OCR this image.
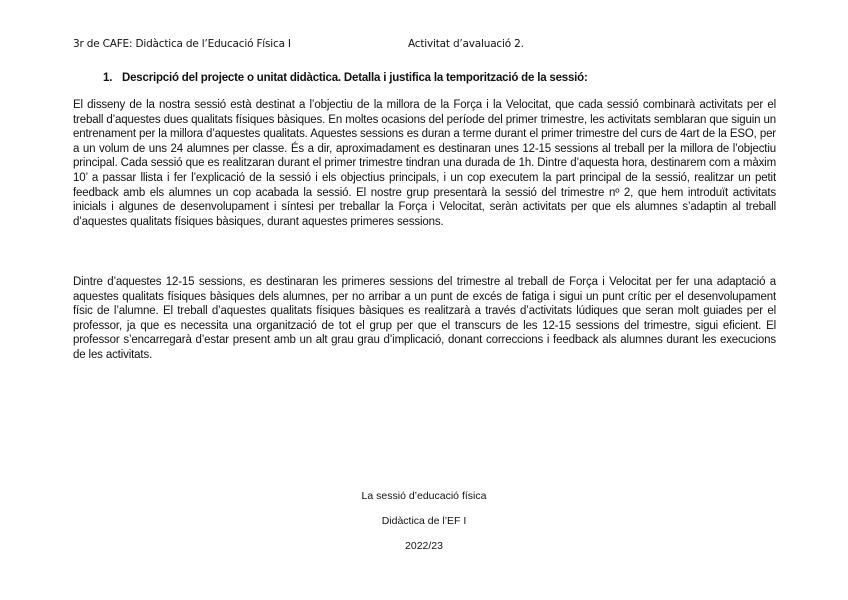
3r de CAFE: Didàctica de l’Educació Física I	Activitat d’avaluació 2.
1. Descripció del projecte o unitat didàctica. Detalla i justifica la temporització de la sessió:

El disseny de la nostra sessió està destinat a l’objectiu de la millora de la Força i la Velocitat, que cada sessió combinarà activitats per el treball d’aquestes dues qualitats físiques bàsiques. En moltes ocasions del període del primer trimestre, les activitats semblaran que siguin un entrenament per la millora d’aquestes qualitats. Aquestes sessions es duran a terme durant el primer trimestre del curs de 4art de la ESO, per a un volum de uns 24 alumnes per classe. És a dir, aproximadament es destinaran unes 12-15 sessions al treball per la millora de l’objectiu principal. Cada sessió que es realitzaran durant el primer trimestre tindran una durada de 1h. Dintre d’aquesta hora, destinarem com a màxim 10’ a passar llista i fer l’explicació de la sessió i els objectius principals, i un cop executem la part principal de la sessió, realitzar un petit feedback amb els alumnes un cop acabada la sessió. El nostre grup presentarà la sessió del trimestre nº 2, que hem introduït activitats inicials i algunes de desenvolupament i síntesi per treballar la Força i Velocitat, seràn activitats per que els alumnes s’adaptin al treball d’aquestes qualitats físiques bàsiques, durant aquestes primeres sessions.

Dintre d’aquestes 12-15 sessions, es destinaran les primeres sessions del trimestre al treball de Força i Velocitat per fer una adaptació a aquestes qualitats físiques bàsiques dels alumnes, per no arribar a un punt de excés de fatiga i sigui un punt crític per el desenvolupament físic de l’alumne. El treball d’aquestes qualitats físiques bàsiques es realitzarà a través d’activitats lúdiques que seran molt guiades per el professor, ja que es necessita una organització de tot el grup per que el transcurs de les 12-15 sessions del trimestre, sigui eficient. El professor s’encarregarà d’estar present amb un alt grau grau d’implicació, donant correccions i feedback als alumnes durant les execucions de les activitats.

La sessió d’educació física
Didàctica de l’EF I
2022/23
